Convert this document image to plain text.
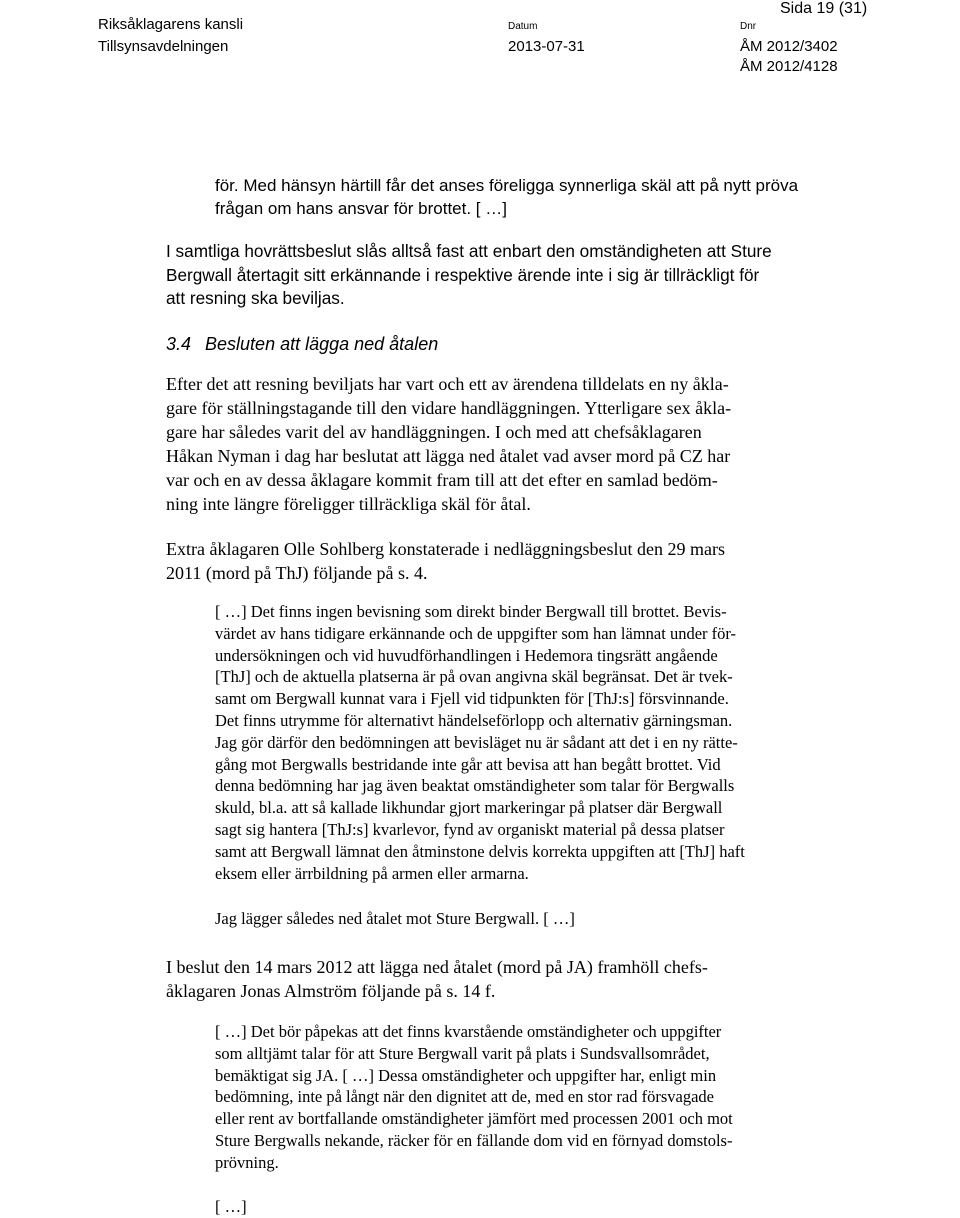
Sida 19 (31)
Riksåklagarens kansli
Tillsynsavdelningen
Datum
2013-07-31
Dnr
ÅM 2012/3402
ÅM 2012/4128
för. Med hänsyn härtill får det anses föreligga synnerliga skäl att på nytt pröva
frågan om hans ansvar för brottet. [ …]
I samtliga hovrättsbeslut slås alltså fast att enbart den omständigheten att Sture
Bergwall återtagit sitt erkännande i respektive ärende inte i sig är tillräckligt för
att resning ska beviljas.
3.4 Besluten att lägga ned åtalen
Efter det att resning beviljats har vart och ett av ärendena tilldelats en ny åkla-
gare för ställningstagande till den vidare handläggningen. Ytterligare sex åkla-
gare har således varit del av handläggningen. I och med att chefsåklagaren
Håkan Nyman i dag har beslutat att lägga ned åtalet vad avser mord på CZ har
var och en av dessa åklagare kommit fram till att det efter en samlad bedöm-
ning inte längre föreligger tillräckliga skäl för åtal.
Extra åklagaren Olle Sohlberg konstaterade i nedläggningsbeslut den 29 mars
2011 (mord på ThJ) följande på s. 4.
[ …] Det finns ingen bevisning som direkt binder Bergwall till brottet. Bevis-
värdet av hans tidigare erkännande och de uppgifter som han lämnat under för-
undersökningen och vid huvudförhandlingen i Hedemora tingsrätt angående
[ThJ] och de aktuella platserna är på ovan angivna skäl begränsat. Det är tvek-
samt om Bergwall kunnat vara i Fjell vid tidpunkten för [ThJ:s] försvinnande.
Det finns utrymme för alternativt händelseförlopp och alternativ gärningsman.
Jag gör därför den bedömningen att bevisläget nu är sådant att det i en ny rätte-
gång mot Bergwalls bestridande inte går att bevisa att han begått brottet. Vid
denna bedömning har jag även beaktat omständigheter som talar för Bergwalls
skuld, bl.a. att så kallade likhundar gjort markeringar på platser där Bergwall
sagt sig hantera [ThJ:s] kvarlevor, fynd av organiskt material på dessa platser
samt att Bergwall lämnat den åtminstone delvis korrekta uppgiften att [ThJ] haft
eksem eller ärrbildning på armen eller armarna.
Jag lägger således ned åtalet mot Sture Bergwall. [ …]
I beslut den 14 mars 2012 att lägga ned åtalet (mord på JA) framhöll chefs-
åklagaren Jonas Almström följande på s. 14 f.
[ …] Det bör påpekas att det finns kvarstående omständigheter och uppgifter
som alltjämt talar för att Sture Bergwall varit på plats i Sundsvallsområdet,
bemäktigat sig JA. [ …] Dessa omständigheter och uppgifter har, enligt min
bedömning, inte på långt när den dignitet att de, med en stor rad försvagade
eller rent av bortfallande omständigheter jämfört med processen 2001 och mot
Sture Bergwalls nekande, räcker för en fällande dom vid en förnyad domstols-
prövning.
[ …]
